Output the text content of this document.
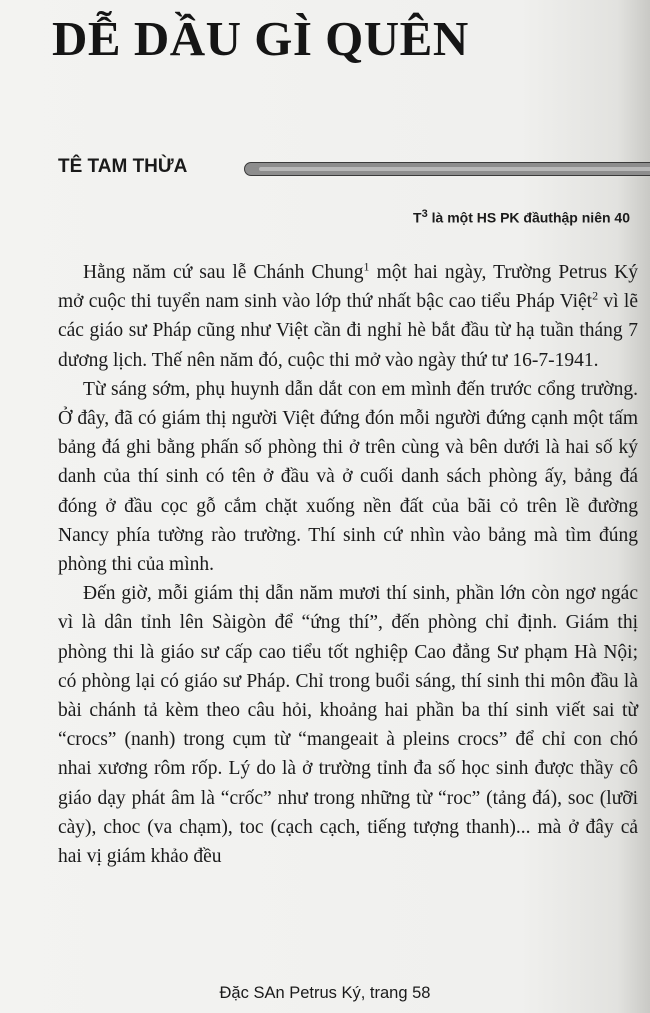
DỄ DẦU GÌ QUÊN
TÊ TAM THỪA
$T^3$ là một HS PK đầuthập niên 40

Hằng năm cứ sau lễ Chánh Chung$^1$ một hai ngày, Trường Petrus Ký mở cuộc thi tuyển nam sinh vào lớp thứ nhất bậc cao tiểu Pháp Việt$^2$ vì lẽ các giáo sư Pháp cũng như Việt cần đi nghỉ hè bắt đầu từ hạ tuần tháng 7 dương lịch. Thế nên năm đó, cuộc thi mở vào ngày thứ tư 16-7-1941.

Từ sáng sớm, phụ huynh dẫn dắt con em mình đến trước cổng trường. Ở đây, đã có giám thị người Việt đứng đón mỗi người đứng cạnh một tấm bảng đá ghi bằng phấn số phòng thi ở trên cùng và bên dưới là hai số ký danh của thí sinh có tên ở đầu và ở cuối danh sách phòng ấy, bảng đá đóng ở đầu cọc gỗ cắm chặt xuống nền đất của bãi cỏ trên lề đường Nancy phía tường rào trường. Thí sinh cứ nhìn vào bảng mà tìm đúng phòng thi của mình.

Đến giờ, mỗi giám thị dẫn năm mươi thí sinh, phần lớn còn ngơ ngác vì là dân tỉnh lên Sàigòn để “ứng thí”, đến phòng chỉ định. Giám thị phòng thi là giáo sư cấp cao tiểu tốt nghiệp Cao đẳng Sư phạm Hà Nội; có phòng lại có giáo sư Pháp. Chỉ trong buổi sáng, thí sinh thi môn đầu là bài chánh tả kèm theo câu hỏi, khoảng hai phần ba thí sinh viết sai từ “crocs” (nanh) trong cụm từ “mangeait à pleins crocs” để chỉ con chó nhai xương rôm rốp. Lý do là ở trường tỉnh đa số học sinh được thầy cô giáo dạy phát âm là “crốc” như trong những từ “roc” (tảng đá), soc (lưỡi cày), choc (va chạm), toc (cạch cạch, tiếng tượng thanh)... mà ở đây cả hai vị giám khảo đều

Đặc SAn Petrus Ký, trang 58
